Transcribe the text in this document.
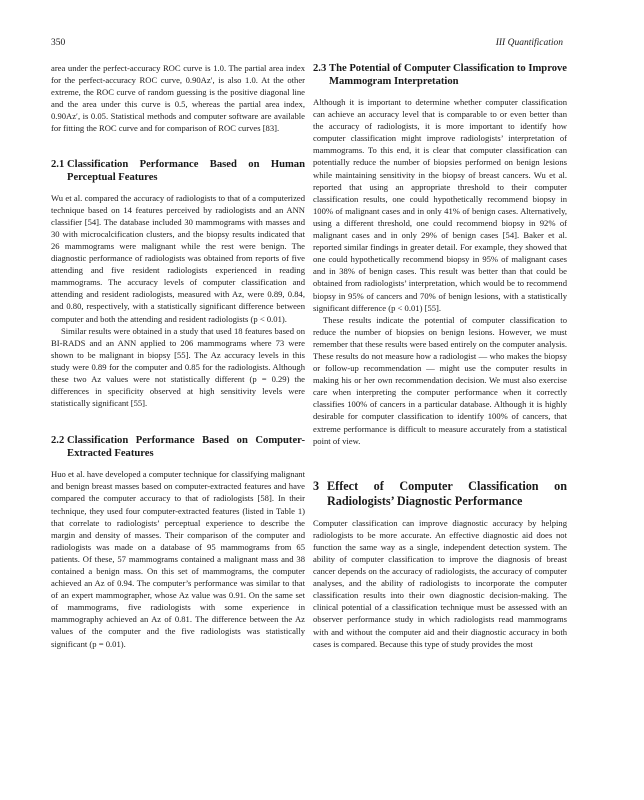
350	III Quantification

area under the perfect-accuracy ROC curve is 1.0. The partial area index for the perfect-accuracy ROC curve, 0.90Az′, is also 1.0. At the other extreme, the ROC curve of random guessing is the positive diagonal line and the area under this curve is 0.5, whereas the partial area index, 0.90Az′, is 0.05. Statistical methods and computer software are available for fitting the ROC curve and for comparison of ROC curves [83].

2.1 Classification Performance Based on Human Perceptual Features

Wu et al. compared the accuracy of radiologists to that of a computerized technique based on 14 features perceived by radiologists and an ANN classifier [54]. The database included 30 mammograms with masses and 30 with microcalcification clusters, and the biopsy results indicated that 26 mammograms were malignant while the rest were benign. The diagnostic performance of radiologists was obtained from reports of five attending and five resident radiologists experienced in reading mammograms. The accuracy levels of computer classification and attending and resident radiologists, measured with Az, were 0.89, 0.84, and 0.80, respectively, with a statistically significant difference between computer and both the attending and resident radiologists (p < 0.01).

Similar results were obtained in a study that used 18 features based on BI-RADS and an ANN applied to 206 mammograms where 73 were shown to be malignant in biopsy [55]. The Az accuracy levels in this study were 0.89 for the computer and 0.85 for the radiologists. Although these two Az values were not statistically different (p = 0.29) the differences in specificity observed at high sensitivity levels were statistically significant [55].

2.2 Classification Performance Based on Computer-Extracted Features

Huo et al. have developed a computer technique for classifying malignant and benign breast masses based on computer-extracted features and have compared the computer accuracy to that of radiologists [58]. In their technique, they used four computer-extracted features (listed in Table 1) that correlate to radiologists’ perceptual experience to describe the margin and density of masses. Their comparison of the computer and radiologists was made on a database of 95 mammograms from 65 patients. Of these, 57 mammograms contained a malignant mass and 38 contained a benign mass. On this set of mammograms, the computer achieved an Az of 0.94. The computer’s performance was similar to that of an expert mammographer, whose Az value was 0.91. On the same set of mammograms, five radiologists with some experience in mammography achieved an Az of 0.81. The difference between the Az values of the computer and the five radiologists was statistically significant (p = 0.01).

2.3 The Potential of Computer Classification to Improve Mammogram Interpretation

Although it is important to determine whether computer classification can achieve an accuracy level that is comparable to or even better than the accuracy of radiologists, it is more important to identify how computer classification might improve radiologists’ interpretation of mammograms. To this end, it is clear that computer classification can potentially reduce the number of biopsies performed on benign lesions while maintaining sensitivity in the biopsy of breast cancers. Wu et al. reported that using an appropriate threshold to their computer classification results, one could hypothetically recommend biopsy in 100% of malignant cases and in only 41% of benign cases. Alternatively, using a different threshold, one could recommend biopsy in 92% of malignant cases and in only 29% of benign cases [54]. Baker et al. reported similar findings in greater detail. For example, they showed that one could hypothetically recommend biopsy in 95% of malignant cases and in 38% of benign cases. This result was better than that could be obtained from radiologists’ interpretation, which would be to recommend biopsy in 95% of cancers and 70% of benign lesions, with a statistically significant difference (p < 0.01) [55].

These results indicate the potential of computer classification to reduce the number of biopsies on benign lesions. However, we must remember that these results were based entirely on the computer analysis. These results do not measure how a radiologist — who makes the biopsy or follow-up recommendation — might use the computer results in making his or her own recommendation decision. We must also exercise care when interpreting the computer performance when it correctly classifies 100% of cancers in a particular database. Although it is highly desirable for computer classification to identify 100% of cancers, that extreme performance is difficult to measure accurately from a statistical point of view.

3 Effect of Computer Classification on Radiologists’ Diagnostic Performance

Computer classification can improve diagnostic accuracy by helping radiologists to be more accurate. An effective diagnostic aid does not function the same way as a single, independent detection system. The ability of computer classification to improve the diagnosis of breast cancer depends on the accuracy of radiologists, the accuracy of computer analyses, and the ability of radiologists to incorporate the computer classification results into their own diagnostic decision-making. The clinical potential of a classification technique must be assessed with an observer performance study in which radiologists read mammograms with and without the computer aid and their diagnostic accuracy in both cases is compared. Because this type of study provides the most
